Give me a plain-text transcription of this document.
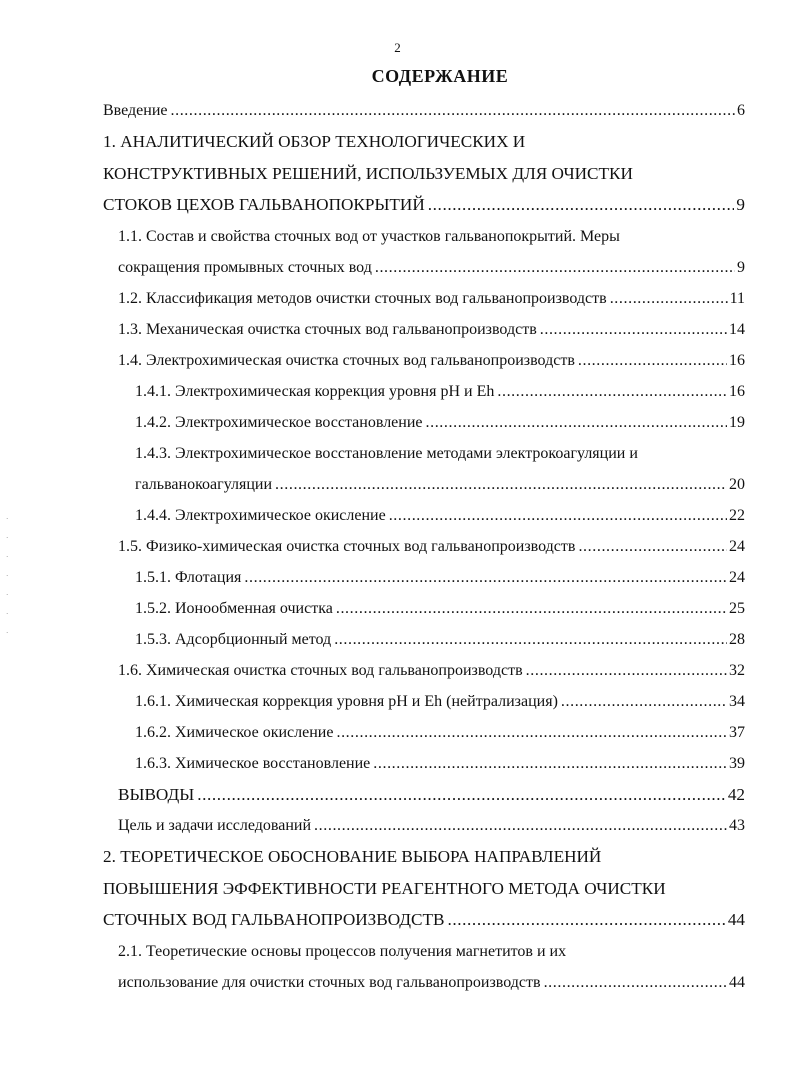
2
СОДЕРЖАНИЕ
Введение .....	6
1. АНАЛИТИЧЕСКИЙ ОБЗОР ТЕХНОЛОГИЧЕСКИХ И
КОНСТРУКТИВНЫХ РЕШЕНИЙ, ИСПОЛЬЗУЕМЫХ ДЛЯ ОЧИСТКИ
СТОКОВ ЦЕХОВ ГАЛЬВАНОПОКРЫТИЙ .....	9
1.1. Состав и свойства сточных вод от участков гальванопокрытий. Меры
сокращения промывных сточных вод .....	9
1.2. Классификация методов очистки сточных вод гальванопроизводств .....	11
1.3. Механическая очистка сточных вод гальванопроизводств .....	14
1.4. Электрохимическая очистка сточных вод гальванопроизводств .....	16
1.4.1. Электрохимическая коррекция уровня pH и Eh .....	16
1.4.2. Электрохимическое восстановление .....	19
1.4.3. Электрохимическое восстановление методами электрокоагуляции и
гальванокоагуляции .....	20
1.4.4. Электрохимическое окисление .....	22
1.5. Физико-химическая очистка сточных вод гальванопроизводств .....	24
1.5.1. Флотация .....	24
1.5.2. Ионообменная очистка .....	25
1.5.3. Адсорбционный метод .....	28
1.6. Химическая очистка сточных вод гальванопроизводств .....	32
1.6.1. Химическая коррекция уровня pH и Eh (нейтрализация) .....	34
1.6.2. Химическое окисление .....	37
1.6.3. Химическое восстановление .....	39
ВЫВОДЫ .....	42
Цель и задачи исследований .....	43
2. ТЕОРЕТИЧЕСКОЕ ОБОСНОВАНИЕ ВЫБОРА НАПРАВЛЕНИЙ
ПОВЫШЕНИЯ ЭФФЕКТИВНОСТИ РЕАГЕНТНОГО МЕТОДА ОЧИСТКИ
СТОЧНЫХ ВОД ГАЛЬВАНОПРОИЗВОДСТВ .....	44
2.1. Теоретические основы процессов получения магнетитов и их
использование для очистки сточных вод гальванопроизводств .....	44
·
·
·
·
·
·
·
